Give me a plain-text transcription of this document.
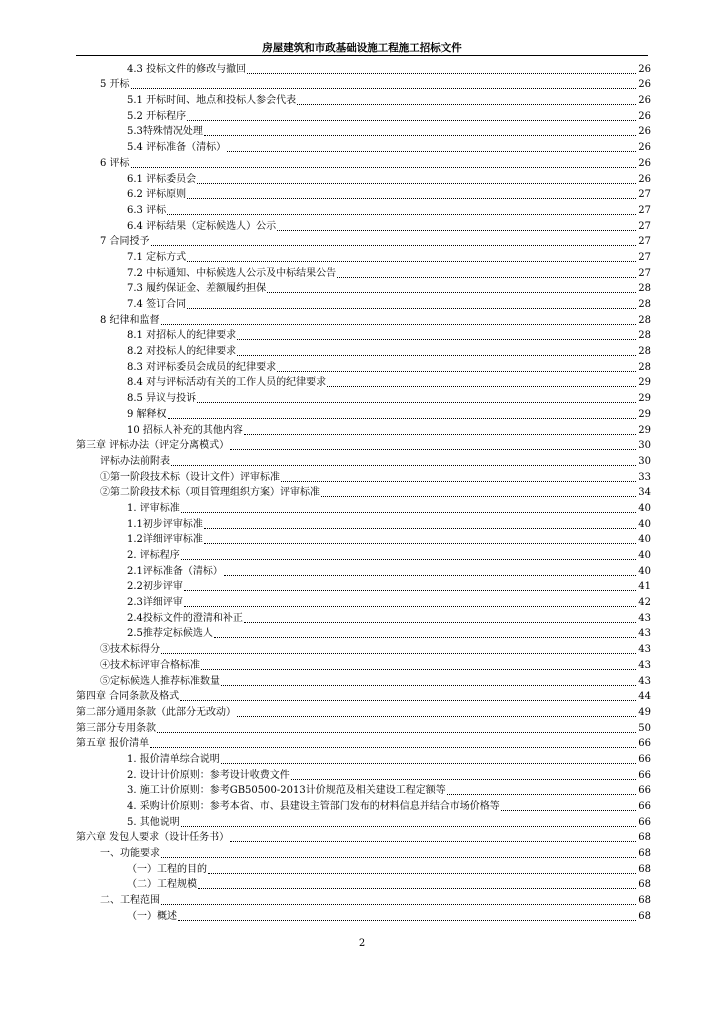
房屋建筑和市政基础设施工程施工招标文件
4.3 投标文件的修改与撤回	26
5 开标	26
5.1 开标时间、地点和投标人参会代表	26
5.2 开标程序	26
5.3特殊情况处理	26
5.4 评标准备（清标）	26
6 评标	26
6.1 评标委员会	26
6.2 评标原则	27
6.3 评标	27
6.4 评标结果（定标候选人）公示	27
7 合同授予	27
7.1 定标方式	27
7.2 中标通知、中标候选人公示及中标结果公告	27
7.3 履约保证金、差额履约担保	28
7.4 签订合同	28
8 纪律和监督	28
8.1 对招标人的纪律要求	28
8.2 对投标人的纪律要求	28
8.3 对评标委员会成员的纪律要求	28
8.4 对与评标活动有关的工作人员的纪律要求	29
8.5 异议与投诉	29
9 解释权	29
10 招标人补充的其他内容	29
第三章 评标办法（评定分离模式）	30
评标办法前附表	30
①第一阶段技术标（设计文件）评审标准	33
②第二阶段技术标（项目管理组织方案）评审标准	34
1. 评审标准	40
1.1初步评审标准	40
1.2详细评审标准	40
2. 评标程序	40
2.1评标准备（清标）	40
2.2初步评审	41
2.3详细评审	42
2.4投标文件的澄清和补正	43
2.5推荐定标候选人	43
③技术标得分	43
④技术标评审合格标准	43
⑤定标候选人推荐标准数量	43
第四章 合同条款及格式	44
第二部分通用条款（此部分无改动）	49
第三部分专用条款	50
第五章 报价清单	66
1. 报价清单综合说明	66
2. 设计计价原则：参考设计收费文件	66
3. 施工计价原则：参考GB50500-2013计价规范及相关建设工程定额等	66
4. 采购计价原则：参考本省、市、县建设主管部门发布的材料信息并结合市场价格等	66
5. 其他说明	66
第六章 发包人要求（设计任务书）	68
一、功能要求	68
（一）工程的目的	68
（二）工程规模	68
二、工程范围	68
（一）概述	68
2
